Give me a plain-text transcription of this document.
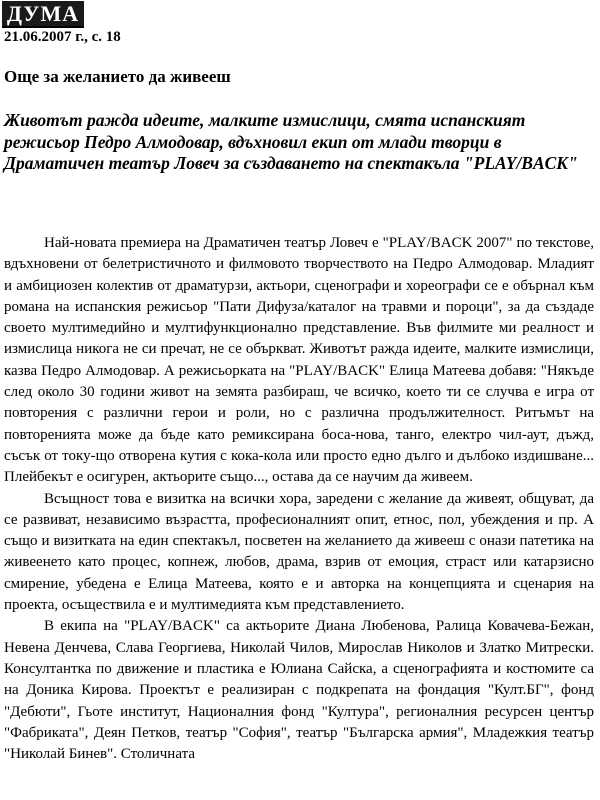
ДУМА

21.06.2007 г., с. 18

Още за желанието да живееш

Животът ражда идеите, малките измислици, смята испанският режисьор Педро Алмодовар, вдъхновил екип от млади творци в Драматичен театър Ловеч за създаването на спектакъла "PLAY/BACK"

Най-новата премиера на Драматичен театър Ловеч е "PLAY/BACK 2007" по текстове, вдъхновени от белетристичното и филмовото творчеството на Педро Алмодовар. Младият и амбициозен колектив от драматурзи, актьори, сценографи и хореографи се е обърнал към романа на испанския режисьор "Пати Дифуза/каталог на травми и пороци", за да създаде своето мултимедийно и мултифункционално представление. Във филмите ми реалност и измислица никога не си пречат, не се объркват. Животът ражда идеите, малките измислици, казва Педро Алмодовар. А режисьорката на "PLAY/BACK" Елица Матеева добавя: "Някъде след около 30 години живот на земята разбираш, че всичко, което ти се случва е игра от повторения с различни герои и роли, но с различна продължителност. Ритъмът на повторенията може да бъде като ремиксирана боса-нова, танго, електро чил-аут, дъжд, съсък от току-що отворена кутия с кока-кола или просто едно дълго и дълбоко издишване... Плейбекът е осигурен, актьорите също..., остава да се научим да живеем.

Всъщност това е визитка на всички хора, заредени с желание да живеят, общуват, да се развиват, независимо възрастта, професионалният опит, етнос, пол, убеждения и пр. А също и визитката на един спектакъл, посветен на желанието да живееш с онази патетика на живеенето като процес, копнеж, любов, драма, взрив от емоция, страст или катарзисно смирение, убедена е Елица Матеева, която е и авторка на концепцията и сценария на проекта, осъществила е и мултимедията към представлението.

В екипа на "PLAY/BACK" са актьорите Диана Любенова, Ралица Ковачева-Бежан, Невена Денчева, Слава Георгиева, Николай Чилов, Мирослав Николов и Златко Митрески. Консултантка по движение и пластика е Юлиана Сайска, а сценографията и костюмите са на Доника Кирова. Проектът е реализиран с подкрепата на фондация "Култ.БГ", фонд "Дебюти", Гьоте институт, Националния фонд "Култура", регионалния ресурсен център "Фабриката", Деян Петков, театър "София", театър "Българска армия", Младежкия театър "Николай Бинев". Столичната
